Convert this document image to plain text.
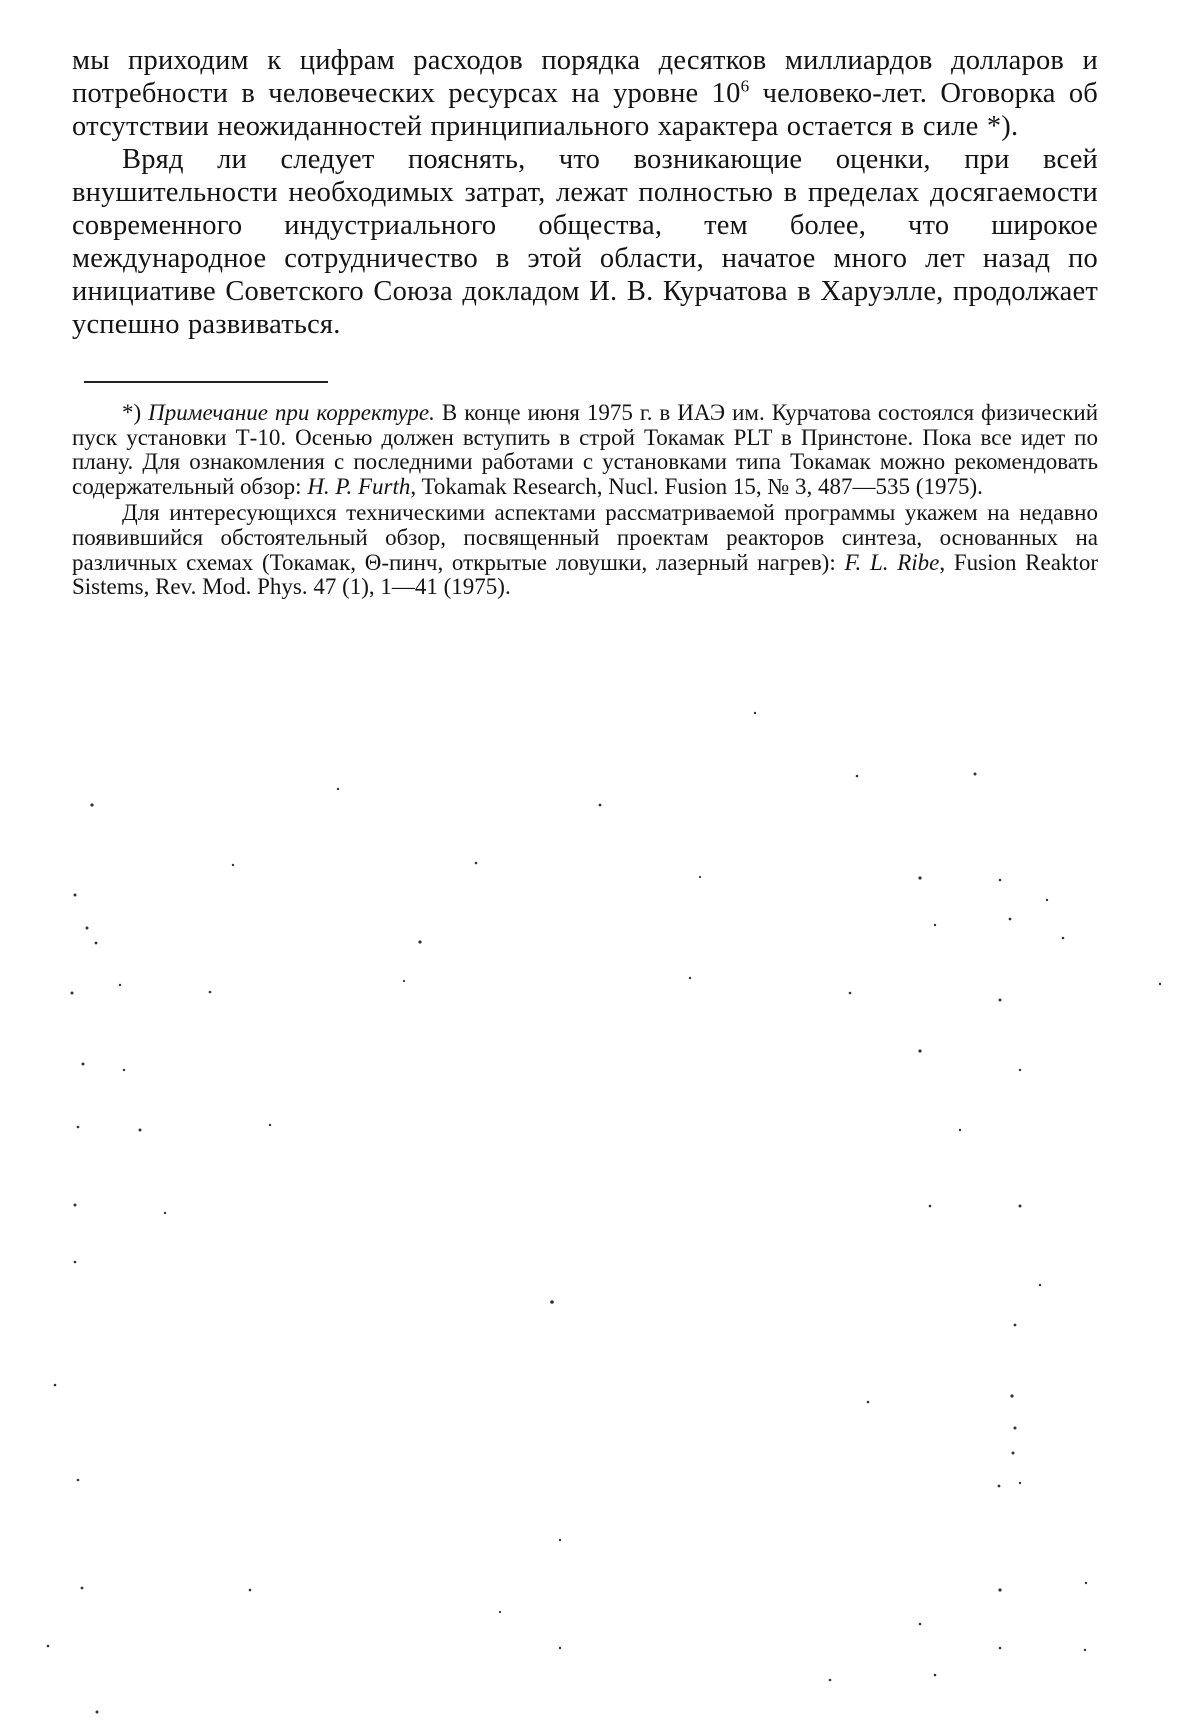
мы приходим к цифрам расходов порядка десятков миллиардов долларов и потребности в человеческих ресурсах на уровне $10^6$ человеко-лет. Оговорка об отсутствии неожиданностей принципиального характера остается в силе *).

Вряд ли следует пояснять, что возникающие оценки, при всей внушительности необходимых затрат, лежат полностью в пределах досягаемости современного индустриального общества, тем более, что широкое международное сотрудничество в этой области, начатое много лет назад по инициативе Советского Союза докладом И. В. Курчатова в Харуэлле, продолжает успешно развиваться.

*) Примечание при корректуре. В конце июня 1975 г. в ИАЭ им. Курчатова состоялся физический пуск установки Т-10. Осенью должен вступить в строй Токамак PLT в Принстоне. Пока все идет по плану. Для ознакомления с последними работами с установками типа Токамак можно рекомендовать содержательный обзор: H. P. Furth, Tokamak Research, Nucl. Fusion 15, № 3, 487—535 (1975).

Для интересующихся техническими аспектами рассматриваемой программы укажем на недавно появившийся обстоятельный обзор, посвященный проектам реакторов синтеза, основанных на различных схемах (Токамак, Θ-пинч, открытые ловушки, лазерный нагрев): F. L. Ribe, Fusion Reaktor Sistems, Rev. Mod. Phys. 47 (1), 1—41 (1975).
